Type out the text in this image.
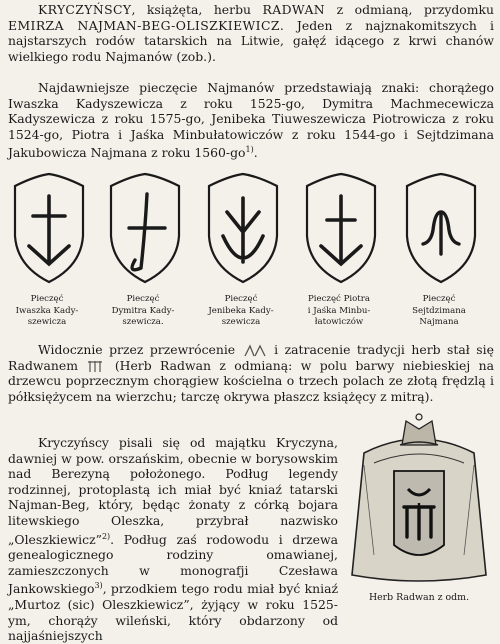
KRYCZYŃSCY, książęta, herbu RADWAN z odmianą, przydomku EMIRZA NAJMAN-BEG-OLISZKIEWICZ. Jeden z najznakomitszych i najstarszych rodów tatarskich na Litwie, gałęź idącego z krwi chanów wielkiego rodu Najmanów (zob.).
Najdawniejsze pieczęcie Najmanów przedstawiają znaki: chorążego Iwaszka Kadyszewicza z roku 1525-go, Dymitra Machmecewicza Kadyszewicza z roku 1575-go, Jenibeka Tiuweszewicza Piotrowicza z roku 1524-go, Piotra i Jaśka Minbułatowiczów z roku 1544-go i Sejtdzimana Jakubowicza Najmana z roku $1560-go^{1)}$.
Pieczęć
Iwaszka Kady-
szewicza
Pieczęć
Dymitra Kady-
szewicza.
Pieczęć
Jenibeka Kady-
szewicza
Pieczęć Piotra
i Jaśka Minbu-
łatowiczów
Pieczęć
Sejtdzimana
Najmana
Widocznie przez przewrócenie	i zatracenie tradycji herb stał się Radwanem	(Herb Radwan z odmianą: w polu barwy niebieskiej na drzewcu poprzecznym chorągiew kościelna o trzech polach ze złotą frędzlą i półksiężycem na wierzchu; tarczę okrywa płaszcz książęcy z mitrą).
Kryczyńscy pisali się od majątku Kryczyna, dawniej w pow. orszańskim, obecnie w borysowskim nad Berezyną położonego. Podług legendy rodzinnej, protoplastą ich miał być kniaź tatarski Najman-Beg, który, będąc żonaty z córką bojara litewskiego Oleszka, przybrał nazwisko „Oleszkiewicz”$^{2)}$. Podług zaś rodowodu i drzewa genealogicznego rodziny omawianej, zamieszczonych w monografji Czesława Jankowskiego$^{3)}$, przodkiem tego rodu miał być kniaź „Murtoz (sic) Oleszkiewicz”, żyjący w roku 1525-ym, chorąży wileński, który obdarzony od najjaśniejszych
Herb Radwan z odm.
